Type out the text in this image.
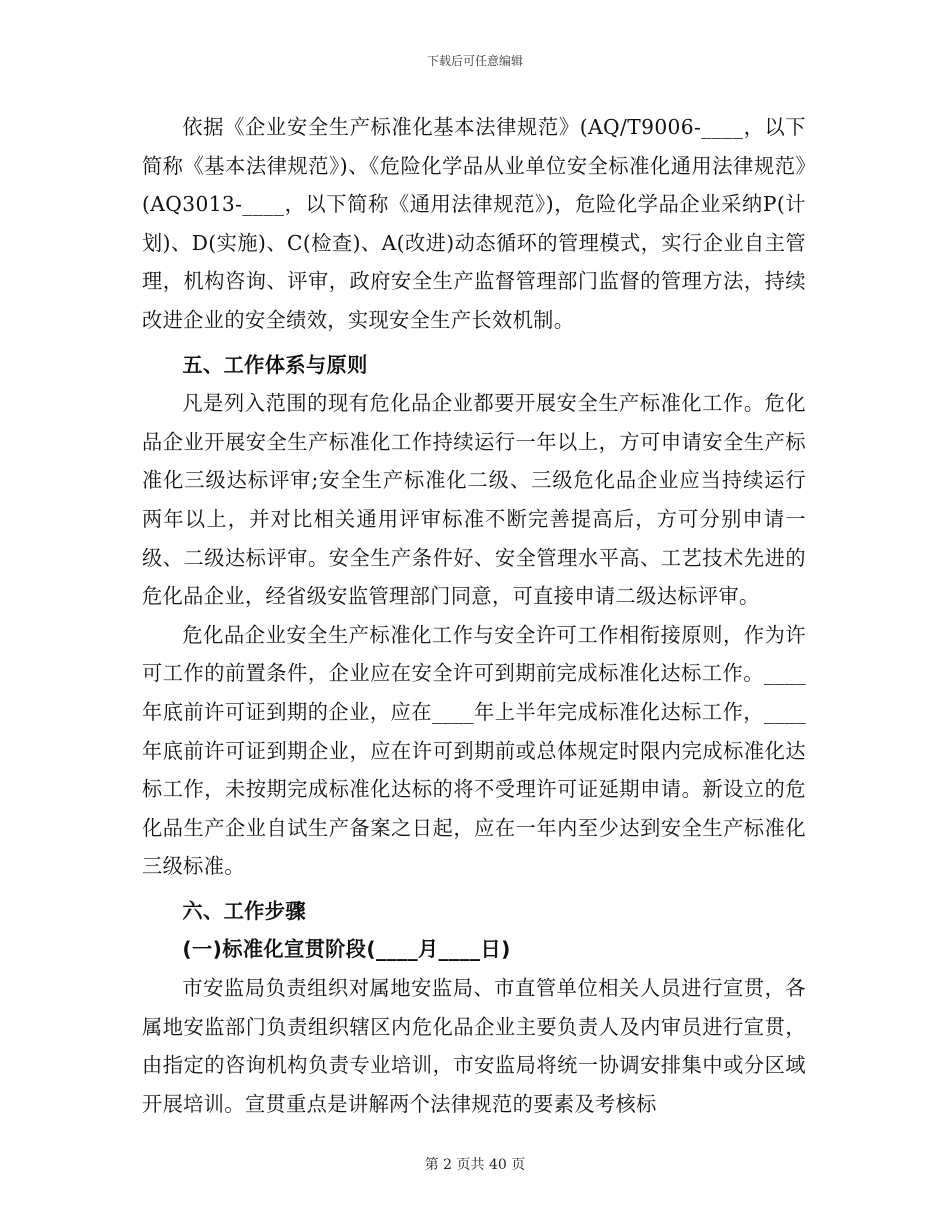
下载后可任意编辑

依据《企业安全生产标准化基本法律规范》(AQ/T9006-____，以下简称《基本法律规范》)、《危险化学品从业单位安全标准化通用法律规范》(AQ3013-____，以下简称《通用法律规范》)，危险化学品企业采纳P(计划)、D(实施)、C(检查)、A(改进)动态循环的管理模式，实行企业自主管理，机构咨询、评审，政府安全生产监督管理部门监督的管理方法，持续改进企业的安全绩效，实现安全生产长效机制。

五、工作体系与原则

凡是列入范围的现有危化品企业都要开展安全生产标准化工作。危化品企业开展安全生产标准化工作持续运行一年以上，方可申请安全生产标准化三级达标评审;安全生产标准化二级、三级危化品企业应当持续运行两年以上，并对比相关通用评审标准不断完善提高后，方可分别申请一级、二级达标评审。安全生产条件好、安全管理水平高、工艺技术先进的危化品企业，经省级安监管理部门同意，可直接申请二级达标评审。

危化品企业安全生产标准化工作与安全许可工作相衔接原则，作为许可工作的前置条件，企业应在安全许可到期前完成标准化达标工作。____年底前许可证到期的企业，应在____年上半年完成标准化达标工作，____年底前许可证到期企业，应在许可到期前或总体规定时限内完成标准化达标工作，未按期完成标准化达标的将不受理许可证延期申请。新设立的危化品生产企业自试生产备案之日起，应在一年内至少达到安全生产标准化三级标准。

六、工作步骤

(一)标准化宣贯阶段(____月____日)

市安监局负责组织对属地安监局、市直管单位相关人员进行宣贯，各属地安监部门负责组织辖区内危化品企业主要负责人及内审员进行宣贯，由指定的咨询机构负责专业培训，市安监局将统一协调安排集中或分区域开展培训。宣贯重点是讲解两个法律规范的要素及考核标

第 2 页共 40 页
